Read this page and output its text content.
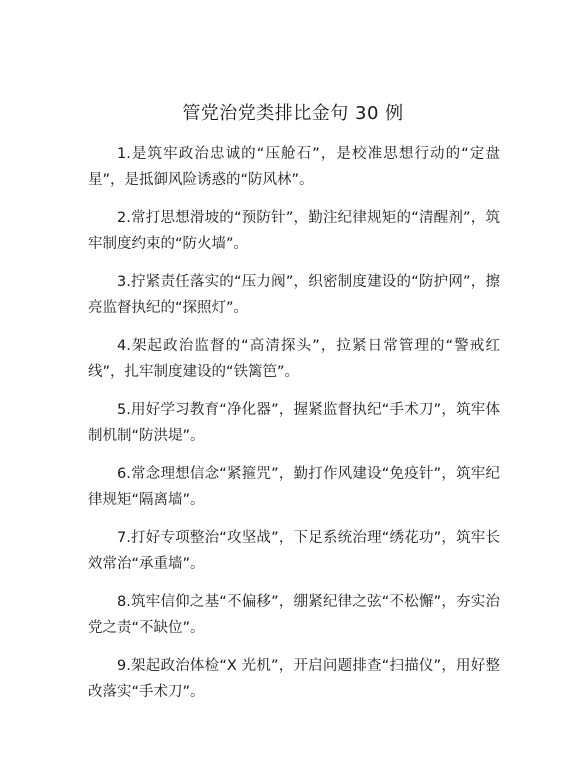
管党治党类排比金句 30 例

1.是筑牢政治忠诚的“压舱石”，是校准思想行动的“定盘星”，是抵御风险诱惑的“防风林”。

2.常打思想滑坡的“预防针”，勤注纪律规矩的“清醒剂”，筑牢制度约束的“防火墙”。

3.拧紧责任落实的“压力阀”，织密制度建设的“防护网”，擦亮监督执纪的“探照灯”。

4.架起政治监督的“高清探头”，拉紧日常管理的“警戒红线”，扎牢制度建设的“铁篱笆”。

5.用好学习教育“净化器”，握紧监督执纪“手术刀”，筑牢体制机制“防洪堤”。

6.常念理想信念“紧箍咒”，勤打作风建设“免疫针”，筑牢纪律规矩“隔离墙”。

7.打好专项整治“攻坚战”，下足系统治理“绣花功”，筑牢长效常治“承重墙”。

8.筑牢信仰之基“不偏移”，绷紧纪律之弦“不松懈”，夯实治党之责“不缺位”。

9.架起政治体检“X 光机”，开启问题排查“扫描仪”，用好整改落实“手术刀”。
